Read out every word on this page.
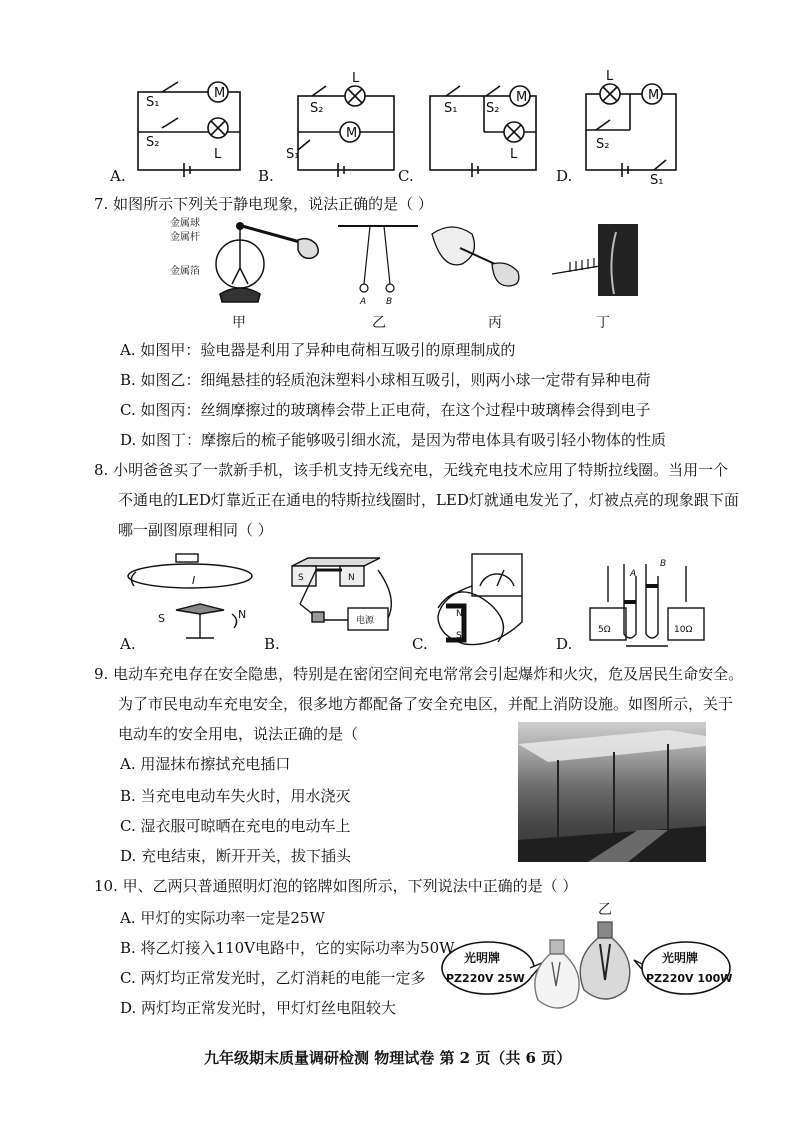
M
S₁
S₂
L
L
S₂
M
S₁
S₁ S₂
M
L
L
M
S₂
S₁
A.	B.	C.	D.
7. 如图所示下列关于静电现象，说法正确的是（ ）
金属球
金属杆
金属箔
A B
甲	乙	丙	丁
A. 如图甲：验电器是利用了异种电荷相互吸引的原理制成的
B. 如图乙：细绳悬挂的轻质泡沫塑料小球相互吸引，则两小球一定带有异种电荷
C. 如图丙：丝绸摩擦过的玻璃棒会带上正电荷，在这个过程中玻璃棒会得到电子
D. 如图丁：摩擦后的梳子能够吸引细水流，是因为带电体具有吸引轻小物体的性质
8. 小明爸爸买了一款新手机，该手机支持无线充电，无线充电技术应用了特斯拉线圈。当用一个
不通电的LED灯靠近正在通电的特斯拉线圈时，LED灯就通电发光了，灯被点亮的现象跟下面
哪一副图原理相同（ ）
I
S	N
S	N
电源
N
S
5Ω	10Ω
A
B
A.	B.	C.	D.
9. 电动车充电存在安全隐患，特别是在密闭空间充电常常会引起爆炸和火灾，危及居民生命安全。
为了市民电动车充电安全，很多地方都配备了安全充电区，并配上消防设施。如图所示，关于
电动车的安全用电，说法正确的是（
A. 用湿抹布擦拭充电插口
B. 当充电电动车失火时，用水浇灭
C. 湿衣服可晾晒在充电的电动车上
D. 充电结束，断开开关，拔下插头
10. 甲、乙两只普通照明灯泡的铭牌如图所示，下列说法中正确的是（ ）
A. 甲灯的实际功率一定是25W
B. 将乙灯接入110V电路中，它的实际功率为50W
C. 两灯均正常发光时，乙灯消耗的电能一定多
D. 两灯均正常发光时，甲灯灯丝电阻较大
乙
光明牌
PZ220V 25W
光明牌
PZ220V 100W
九年级期末质量调研检测 物理试卷 第 2 页（共 6 页）
